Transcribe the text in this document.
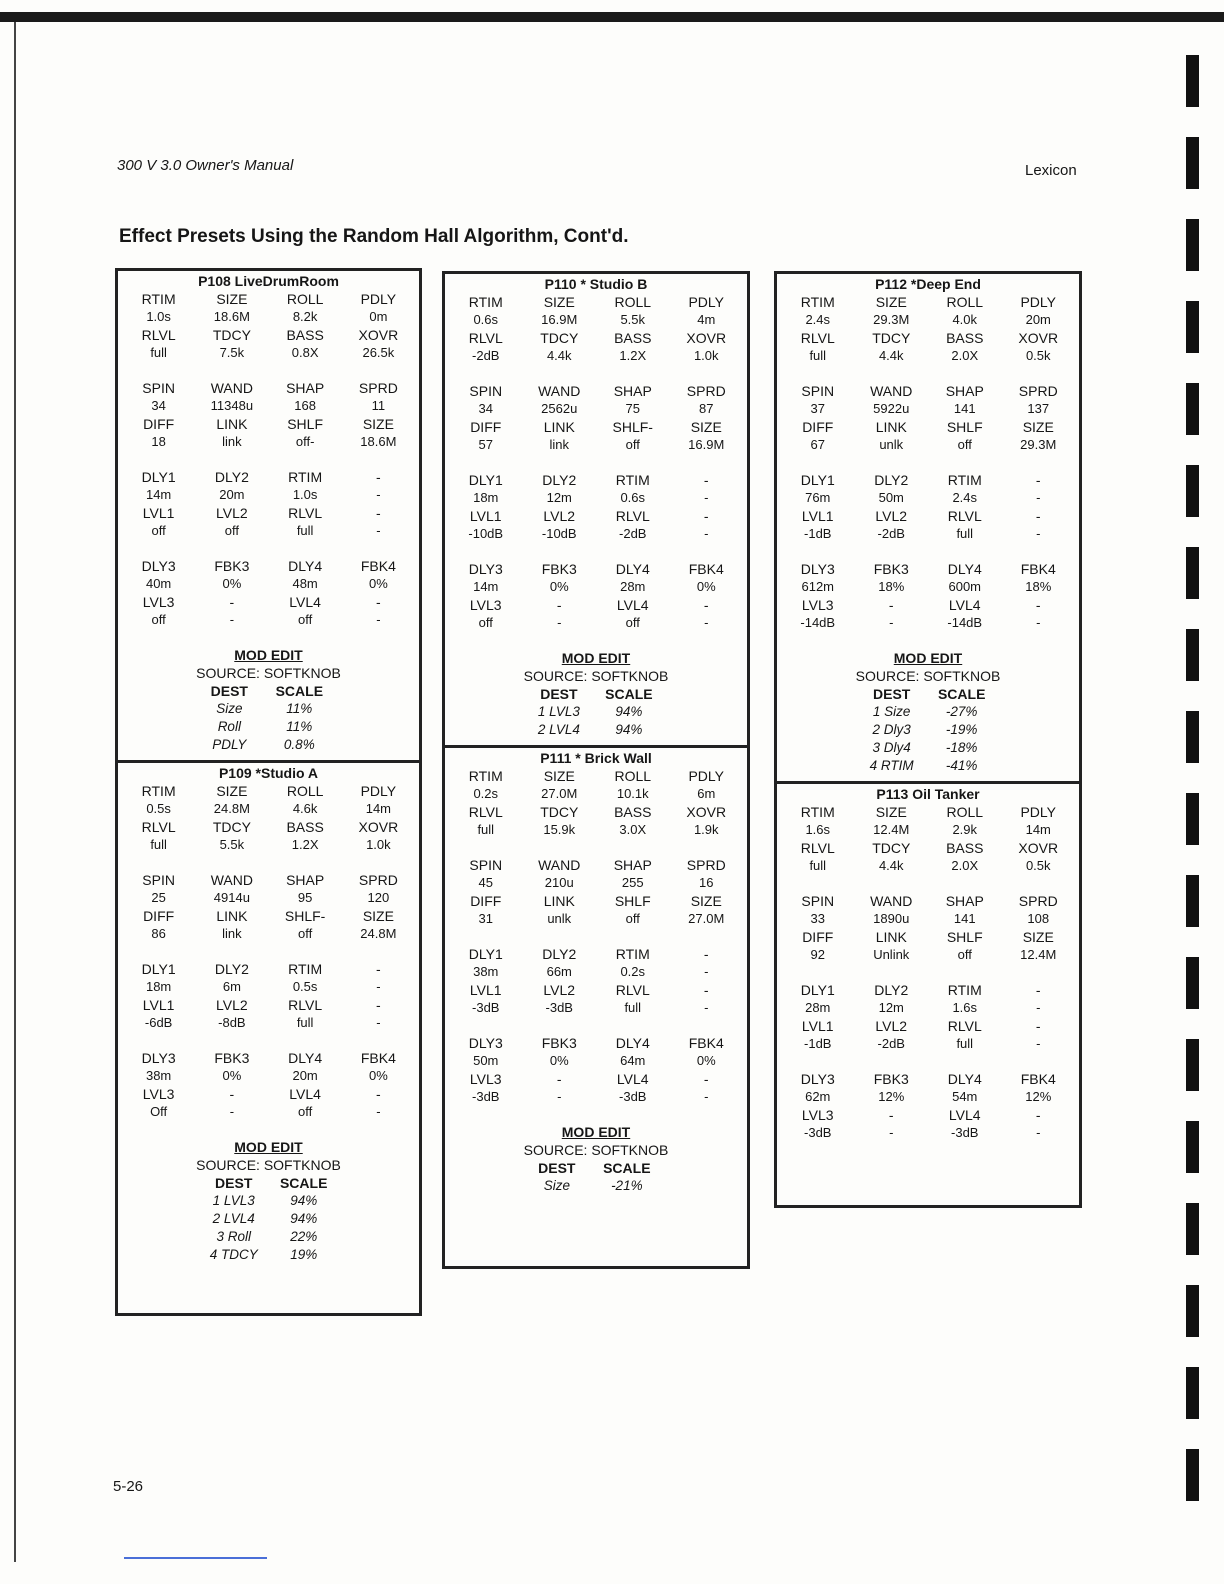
300 V 3.0 Owner's Manual	Lexicon
Effect Presets Using the Random Hall Algorithm, Cont'd.
P108 LiveDrumRoom
RTIM	SIZE	ROLL	PDLY
1.0s	18.6M	8.2k	0m
RLVL	TDCY	BASS	XOVR
full	7.5k	0.8X	26.5k
SPIN	WAND	SHAP	SPRD
34	11348u	168	11
DIFF	LINK	SHLF	SIZE
18	link	off-	18.6M
DLY1	DLY2	RTIM	-
14m	20m	1.0s	-
LVL1	LVL2	RLVL	-
off	off	full	-
DLY3	FBK3	DLY4	FBK4
40m	0%	48m	0%
LVL3	-	LVL4	-
off	-	off	-
MOD EDIT
SOURCE: SOFTKNOB
DEST	SCALE
Size	11%
Roll	11%
PDLY	0.8%
P109 *Studio A
RTIM	SIZE	ROLL	PDLY
0.5s	24.8M	4.6k	14m
RLVL	TDCY	BASS	XOVR
full	5.5k	1.2X	1.0k
SPIN	WAND	SHAP	SPRD
25	4914u	95	120
DIFF	LINK	SHLF-	SIZE
86	link	off	24.8M
DLY1	DLY2	RTIM	-
18m	6m	0.5s	-
LVL1	LVL2	RLVL	-
-6dB	-8dB	full	-
DLY3	FBK3	DLY4	FBK4
38m	0%	20m	0%
LVL3	-	LVL4	-
Off	-	off	-
MOD EDIT
SOURCE: SOFTKNOB
DEST	SCALE
1 LVL3	94%
2 LVL4	94%
3 Roll	22%
4 TDCY	19%
P110 * Studio B
RTIM	SIZE	ROLL	PDLY
0.6s	16.9M	5.5k	4m
RLVL	TDCY	BASS	XOVR
-2dB	4.4k	1.2X	1.0k
SPIN	WAND	SHAP	SPRD
34	2562u	75	87
DIFF	LINK	SHLF-	SIZE
57	link	off	16.9M
DLY1	DLY2	RTIM	-
18m	12m	0.6s	-
LVL1	LVL2	RLVL	-
-10dB	-10dB	-2dB	-
DLY3	FBK3	DLY4	FBK4
14m	0%	28m	0%
LVL3	-	LVL4	-
off	-	off	-
MOD EDIT
SOURCE: SOFTKNOB
DEST	SCALE
1 LVL3	94%
2 LVL4	94%
P111 * Brick Wall
RTIM	SIZE	ROLL	PDLY
0.2s	27.0M	10.1k	6m
RLVL	TDCY	BASS	XOVR
full	15.9k	3.0X	1.9k
SPIN	WAND	SHAP	SPRD
45	210u	255	16
DIFF	LINK	SHLF	SIZE
31	unlk	off	27.0M
DLY1	DLY2	RTIM	-
38m	66m	0.2s	-
LVL1	LVL2	RLVL	-
-3dB	-3dB	full	-
DLY3	FBK3	DLY4	FBK4
50m	0%	64m	0%
LVL3	-	LVL4	-
-3dB	-	-3dB	-
MOD EDIT
SOURCE: SOFTKNOB
DEST	SCALE
Size	-21%
P112 *Deep End
RTIM	SIZE	ROLL	PDLY
2.4s	29.3M	4.0k	20m
RLVL	TDCY	BASS	XOVR
full	4.4k	2.0X	0.5k
SPIN	WAND	SHAP	SPRD
37	5922u	141	137
DIFF	LINK	SHLF	SIZE
67	unlk	off	29.3M
DLY1	DLY2	RTIM	-
76m	50m	2.4s	-
LVL1	LVL2	RLVL	-
-1dB	-2dB	full	-
DLY3	FBK3	DLY4	FBK4
612m	18%	600m	18%
LVL3	-	LVL4	-
-14dB	-	-14dB	-
MOD EDIT
SOURCE: SOFTKNOB
DEST	SCALE
1 Size	-27%
2 Dly3	-19%
3 Dly4	-18%
4 RTIM	-41%
P113 Oil Tanker
RTIM	SIZE	ROLL	PDLY
1.6s	12.4M	2.9k	14m
RLVL	TDCY	BASS	XOVR
full	4.4k	2.0X	0.5k
SPIN	WAND	SHAP	SPRD
33	1890u	141	108
DIFF	LINK	SHLF	SIZE
92	Unlink	off	12.4M
DLY1	DLY2	RTIM	-
28m	12m	1.6s	-
LVL1	LVL2	RLVL	-
-1dB	-2dB	full	-
DLY3	FBK3	DLY4	FBK4
62m	12%	54m	12%
LVL3	-	LVL4	-
-3dB	-	-3dB	-
5-26
